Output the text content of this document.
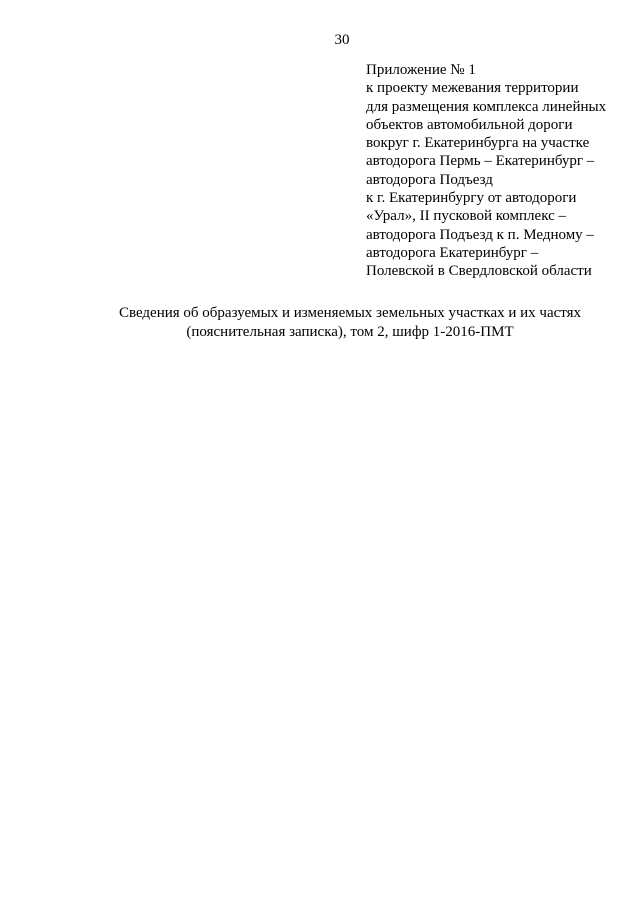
30
Приложение № 1
к проекту межевания территории
для размещения комплекса линейных
объектов автомобильной дороги
вокруг г. Екатеринбурга на участке
автодорога Пермь – Екатеринбург –
автодорога Подъезд
к г. Екатеринбургу от автодороги
«Урал», II пусковой комплекс –
автодорога Подъезд к п. Медному –
автодорога Екатеринбург –
Полевской в Свердловской области
Сведения об образуемых и изменяемых земельных участках и их частях
(пояснительная записка), том 2, шифр 1-2016-ПМТ
